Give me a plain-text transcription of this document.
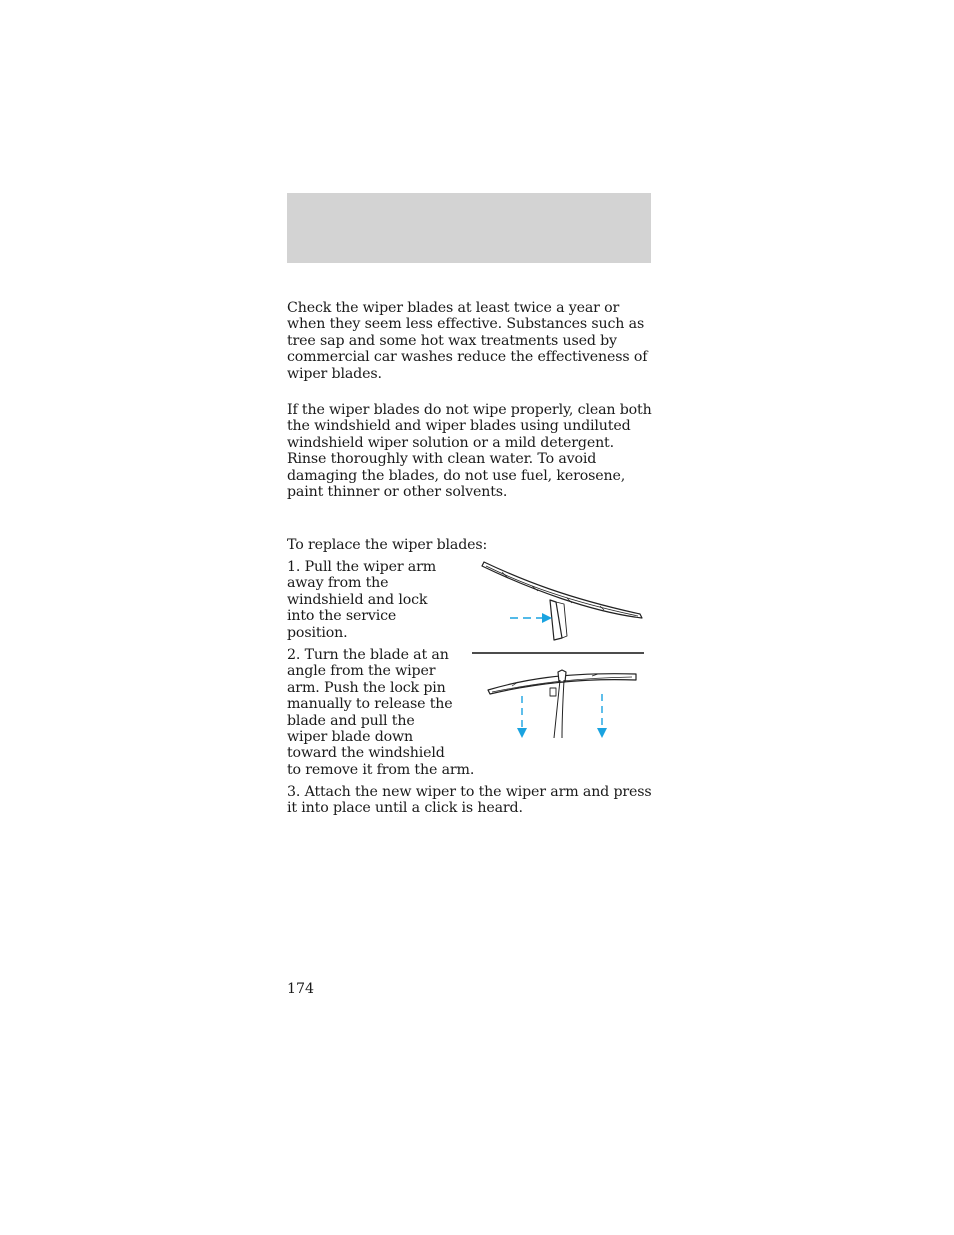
Check the wiper blades at least twice a year or when they seem less effective. Substances such as tree sap and some hot wax treatments used by commercial car washes reduce the effectiveness of wiper blades.

If the wiper blades do not wipe properly, clean both the windshield and wiper blades using undiluted windshield wiper solution or a mild detergent. Rinse thoroughly with clean water. To avoid damaging the blades, do not use fuel, kerosene, paint thinner or other solvents.

To replace the wiper blades:

1. Pull the wiper arm
away from the
windshield and lock
into the service
position.
2. Turn the blade at an
angle from the wiper
arm. Push the lock pin
manually to release the
blade and pull the
wiper blade down
toward the windshield
to remove it from the arm.
3. Attach the new wiper to the wiper arm and press
it into place until a click is heard.

174
